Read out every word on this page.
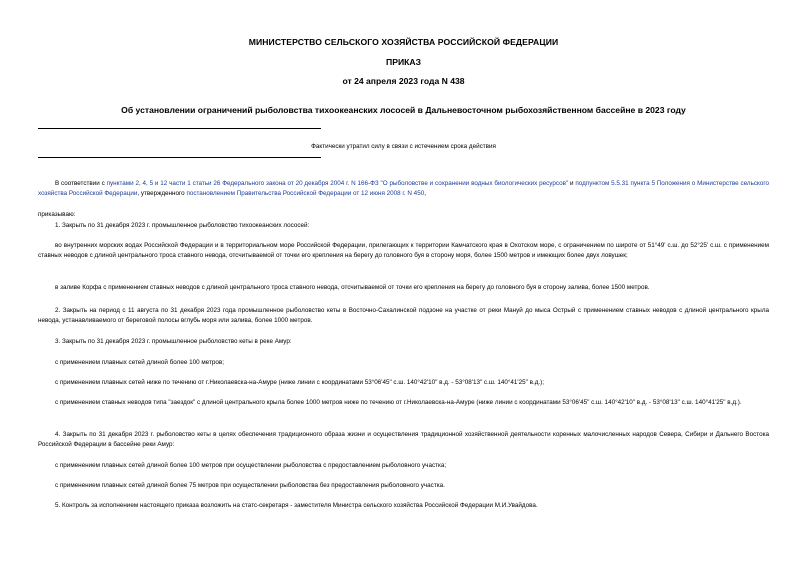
МИНИСТЕРСТВО СЕЛЬСКОГО ХОЗЯЙСТВА РОССИЙСКОЙ ФЕДЕРАЦИИ
ПРИКАЗ
от 24 апреля 2023 года N 438
Об установлении ограничений рыболовства тихоокеанских лососей в Дальневосточном рыбохозяйственном бассейне в 2023 году
Фактически утратил силу в связи с истечением срока действия
В соответствии с пунктами 2, 4, 5 и 12 части 1 статьи 26 Федерального закона от 20 декабря 2004 г. N 166-ФЗ "О рыболовстве и сохранении водных биологических ресурсов" и подпунктом 5.5.31 пункта 5 Положения о Министерстве сельского хозяйства Российской Федерации, утвержденного постановлением Правительства Российской Федерации от 12 июня 2008 г. N 450,
приказываю:
1. Закрыть по 31 декабря 2023 г. промышленное рыболовство тихоокеанских лососей:
во внутренних морских водах Российской Федерации и в территориальном море Российской Федерации, прилегающих к территории Камчатского края в Охотском море, с ограничением по широте от 51°49' с.ш. до 52°25' с.ш. с применением ставных неводов с длиной центрального троса ставного невода, отсчитываемой от точки его крепления на берегу до головного буя в сторону моря, более 1500 метров и имеющих более двух ловушек;
в заливе Корфа с применением ставных неводов с длиной центрального троса ставного невода, отсчитываемой от точки его крепления на берегу до головного буя в сторону залива, более 1500 метров.
2. Закрыть на период с 11 августа по 31 декабря 2023 года промышленное рыболовство кеты в Восточно-Сахалинской подзоне на участке от реки Мануй до мыса Острый с применением ставных неводов с длиной центрального крыла невода, устанавливаемого от береговой полосы вглубь моря или залива, более 1000 метров.
3. Закрыть по 31 декабря 2023 г. промышленное рыболовство кеты в реке Амур:
с применением плавных сетей длиной более 100 метров;
с применением плавных сетей ниже по течению от г.Николаевска-на-Амуре (ниже линии с координатами 53°06'45" с.ш. 140°42'10" в.д. - 53°08'13" с.ш. 140°41'25" в.д.);
с применением ставных неводов типа "заездок" с длиной центрального крыла более 1000 метров ниже по течению от г.Николаевска-на-Амуре (ниже линии с координатами 53°06'45" с.ш. 140°42'10" в.д. - 53°08'13" с.ш. 140°41'25" в.д.).
4. Закрыть по 31 декабря 2023 г. рыболовство кеты в целях обеспечения традиционного образа жизни и осуществления традиционной хозяйственной деятельности коренных малочисленных народов Севера, Сибири и Дальнего Востока Российской Федерации в бассейне реки Амур:
с применением плавных сетей длиной более 100 метров при осуществлении рыболовства с предоставлением рыболовного участка;
с применением плавных сетей длиной более 75 метров при осуществлении рыболовства без предоставления рыболовного участка.
5. Контроль за исполнением настоящего приказа возложить на статс-секретаря - заместителя Министра сельского хозяйства Российской Федерации М.И.Увайдова.
